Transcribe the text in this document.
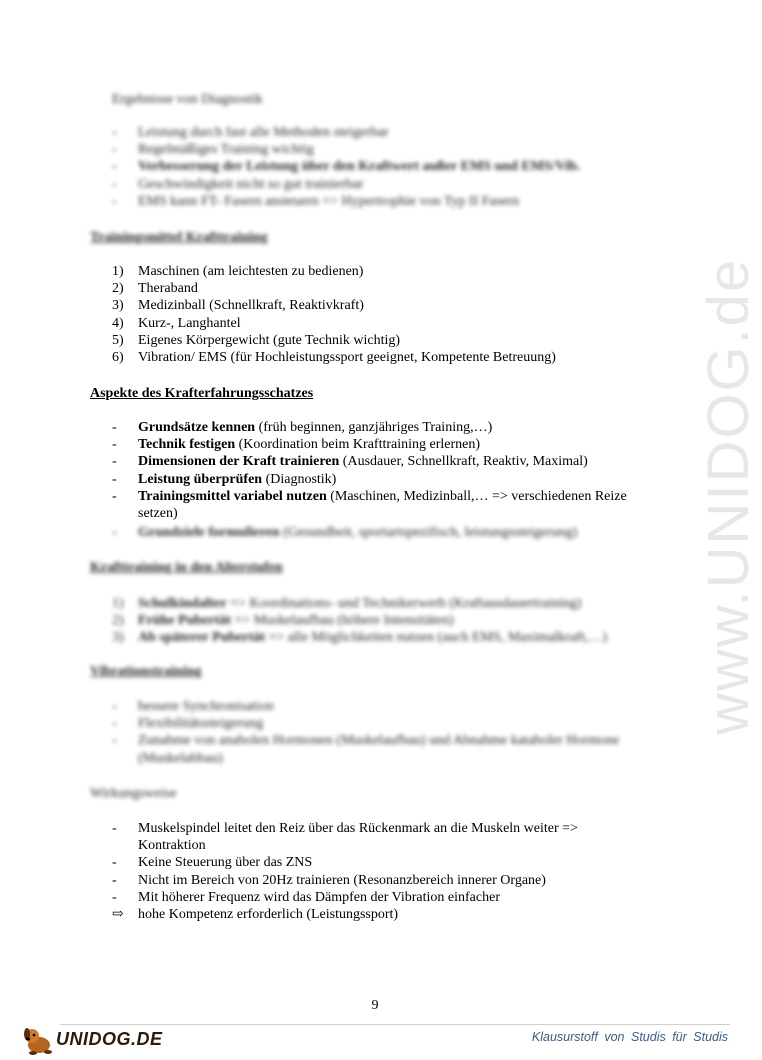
www.UNIDOG.de
Ergebnisse von Diagnostik
- Leistung durch fast alle Methoden steigerbar
- Regelmäßiges Training wichtig
- Verbesserung der Leistung über den Kraftwert außer EMS und EMS/Vib.
- Geschwindigkeit nicht so gut trainierbar
- EMS kann FT- Fasern ansteuern => Hypertrophie von Typ II Fasern
Trainingsmittel Krafttraining
1) Maschinen (am leichtesten zu bedienen)
2) Theraband
3) Medizinball (Schnellkraft, Reaktivkraft)
4) Kurz-, Langhantel
5) Eigenes Körpergewicht (gute Technik wichtig)
6) Vibration/ EMS (für Hochleistungssport geeignet, Kompetente Betreuung)
Aspekte des Krafterfahrungsschatzes
- Grundsätze kennen (früh beginnen, ganzjähriges Training,…)
- Technik festigen (Koordination beim Krafttraining erlernen)
- Dimensionen der Kraft trainieren (Ausdauer, Schnellkraft, Reaktiv, Maximal)
- Leistung überprüfen (Diagnostik)
- Trainingsmittel variabel nutzen (Maschinen, Medizinball,… => verschiedenen Reize setzen)
- Grundziele formulieren (Gesundheit, sportartspezifisch, leistungssteigerung)
Krafttraining in den Alterstufen
1) Schulkindalter => Koordinations- und Technikerwerb (Kraftausdauertraining)
2) Frühe Pubertät => Muskelaufbau (höhere Intensitäten)
3) Ab späterer Pubertät => alle Möglichkeiten nutzen (auch EMS, Maximalkraft,…)
Vibrationstraining
- bessere Synchronisation
- Flexibilitätssteigerung
- Zunahme von anabolen Hormonen (Muskelaufbau) und Abnahme kataboler Hormone (Muskelabbau)
Wirkungsweise
- Muskelspindel leitet den Reiz über das Rückenmark an die Muskeln weiter => Kontraktion
- Keine Steuerung über das ZNS
- Nicht im Bereich von 20Hz trainieren (Resonanzbereich innerer Organe)
- Mit höherer Frequenz wird das Dämpfen der Vibration einfacher
⇨ hohe Kompetenz erforderlich (Leistungssport)
9
UNIDOG.DE	Klausurstoff von Studis für Studis
